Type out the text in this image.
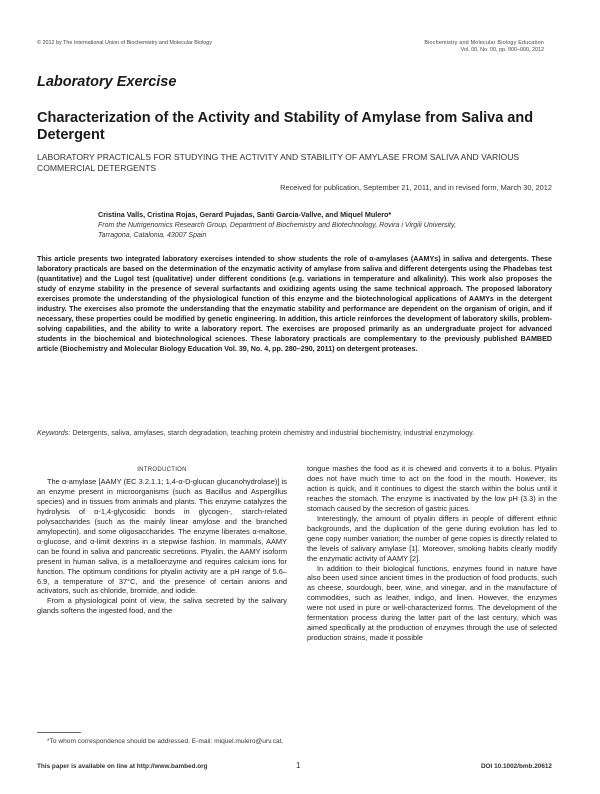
© 2012 by The International Union of Biochemistry and Molecular Biology	Biochemistry and Molecular Biology Education
Vol. 00, No. 00, pp. 000–000, 2012
Laboratory Exercise
Characterization of the Activity and Stability of Amylase from Saliva and Detergent
LABORATORY PRACTICALS FOR STUDYING THE ACTIVITY AND STABILITY OF AMYLASE FROM SALIVA AND VARIOUS COMMERCIAL DETERGENTS
Received for publication, September 21, 2011, and in revised form, March 30, 2012
Cristina Valls, Cristina Rojas, Gerard Pujadas, Santi Garcia-Vallve, and Miquel Mulero*
From the Nutrigenomics Research Group, Department of Biochemistry and Biotechnology, Rovira i Virgili University, Tarragona, Catalonia, 43007 Spain
This article presents two integrated laboratory exercises intended to show students the role of α-amylases (AAMYs) in saliva and detergents. These laboratory practicals are based on the determination of the enzymatic activity of amylase from saliva and different detergents using the Phadebas test (quantitative) and the Lugol test (qualitative) under different conditions (e.g. variations in temperature and alkalinity). This work also proposes the study of enzyme stability in the presence of several surfactants and oxidizing agents using the same technical approach. The proposed laboratory exercises promote the understanding of the physiological function of this enzyme and the biotechnological applications of AAMYs in the detergent industry. The exercises also promote the understanding that the enzymatic stability and performance are dependent on the organism of origin, and if necessary, these properties could be modified by genetic engineering. In addition, this article reinforces the development of laboratory skills, problem-solving capabilities, and the ability to write a laboratory report. The exercises are proposed primarily as an undergraduate project for advanced students in the biochemical and biotechnological sciences. These laboratory practicals are complementary to the previously published BAMBED article (Biochemistry and Molecular Biology Education Vol. 39, No. 4, pp. 280–290, 2011) on detergent proteases.
Keywords: Detergents, saliva, amylases, starch degradation, teaching protein chemistry and industrial biochemistry, industrial enzymology.
INTRODUCTION

The α-amylase [AAMY (EC 3.2.1.1; 1,4-α-D-glucan glucanohydrolase)] is an enzyme present in microorganisms (such as Bacillus and Aspergillus species) and in tissues from animals and plants. This enzyme catalyzes the hydrolysis of α-1,4-glycosidic bonds in glycogen-, starch-related polysaccharides (such as the mainly linear amylose and the branched amylopectin), and some oligosaccharides. The enzyme liberates α-maltose, α-glucose, and α-limit dextrins in a stepwise fashion. In mammals, AAMY can be found in saliva and pancreatic secretions. Ptyalin, the AAMY isoform present in human saliva, is a metalloenzyme and requires calcium ions for function. The optimum conditions for ptyalin activity are a pH range of 5.6–6.9, a temperature of 37°C, and the presence of certain anions and activators, such as chloride, bromide, and iodide.

From a physiological point of view, the saliva secreted by the salivary glands softens the ingested food, and the

tongue mashes the food as it is chewed and converts it to a bolus. Ptyalin does not have much time to act on the food in the mouth. However, its action is quick, and it continues to digest the starch within the bolus until it reaches the stomach. The enzyme is inactivated by the low pH (3.3) in the stomach caused by the secretion of gastric juices.

Interestingly, the amount of ptyalin differs in people of different ethnic backgrounds, and the duplication of the gene during evolution has led to gene copy number variation; the number of gene copies is directly related to the levels of salivary amylase [1]. Moreover, smoking habits clearly modify the enzymatic activity of AAMY [2].

In addition to their biological functions, enzymes found in nature have also been used since ancient times in the production of food products, such as cheese, sourdough, beer, wine, and vinegar, and in the manufacture of commodities, such as leather, indigo, and linen. However, the enzymes were not used in pure or well-characterized forms. The development of the fermentation process during the latter part of the last century, which was aimed specifically at the production of enzymes through the use of selected production strains, made it possible

*To whom correspondence should be addressed. E-mail: miquel.mulero@urv.cat.

This paper is available on line at http://www.bambed.org	1	DOI 10.1002/bmb.20612
